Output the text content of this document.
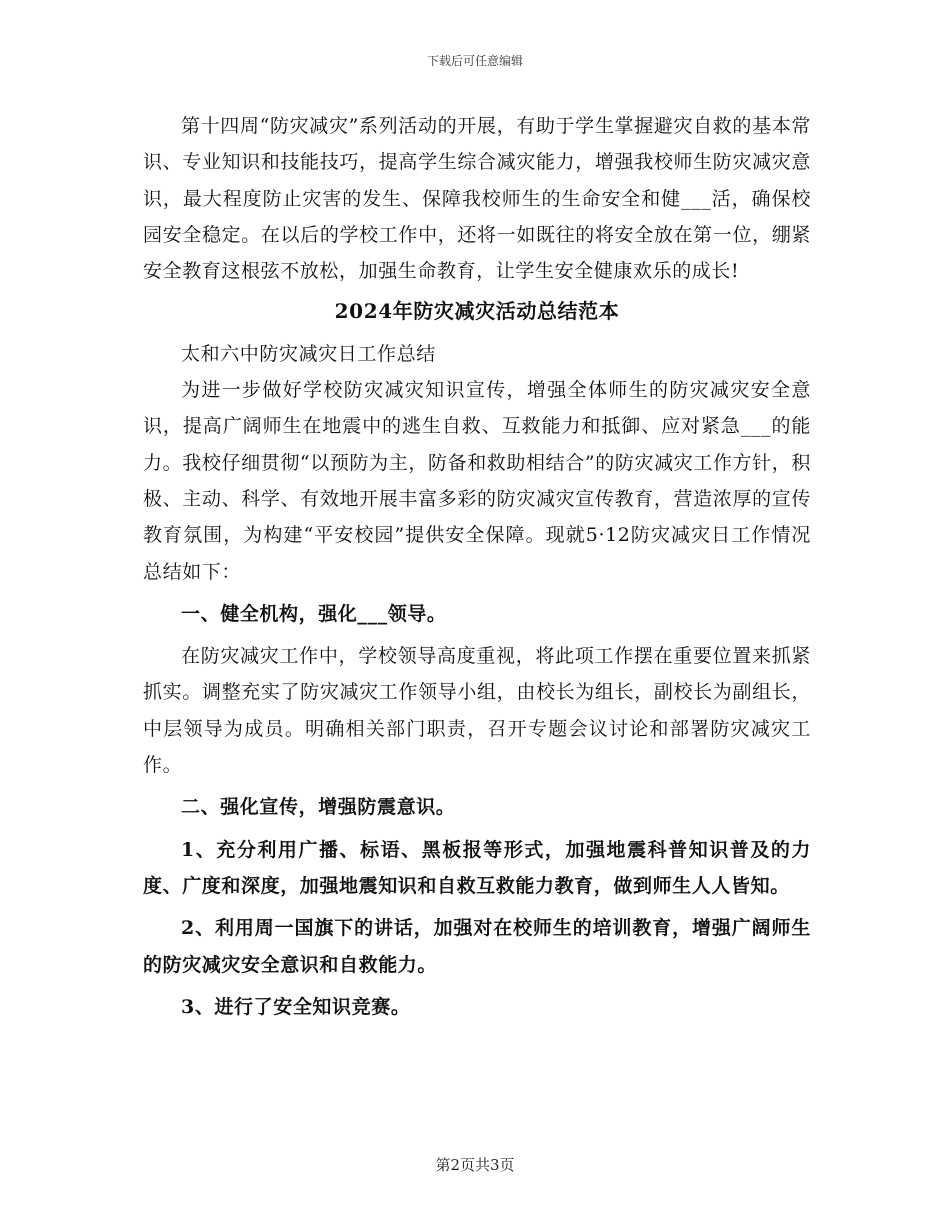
下载后可任意编辑

第十四周“防灾减灾”系列活动的开展，有助于学生掌握避灾自救的基本常识、专业知识和技能技巧，提高学生综合减灾能力，增强我校师生防灾减灾意识，最大程度防止灾害的发生、保障我校师生的生命安全和健___活，确保校园安全稳定。在以后的学校工作中，还将一如既往的将安全放在第一位，绷紧安全教育这根弦不放松，加强生命教育，让学生安全健康欢乐的成长!

2024年防灾减灾活动总结范本

太和六中防灾减灾日工作总结

为进一步做好学校防灾减灾知识宣传，增强全体师生的防灾减灾安全意识，提高广阔师生在地震中的逃生自救、互救能力和抵御、应对紧急___的能力。我校仔细贯彻“以预防为主，防备和救助相结合”的防灾减灾工作方针，积极、主动、科学、有效地开展丰富多彩的防灾减灾宣传教育，营造浓厚的宣传教育氛围，为构建“平安校园”提供安全保障。现就5·12防灾减灾日工作情况总结如下：

一、健全机构，强化___领导。

在防灾减灾工作中，学校领导高度重视，将此项工作摆在重要位置来抓紧抓实。调整充实了防灾减灾工作领导小组，由校长为组长，副校长为副组长，中层领导为成员。明确相关部门职责，召开专题会议讨论和部署防灾减灾工作。

二、强化宣传，增强防震意识。

1、充分利用广播、标语、黑板报等形式，加强地震科普知识普及的力度、广度和深度，加强地震知识和自救互救能力教育，做到师生人人皆知。

2、利用周一国旗下的讲话，加强对在校师生的培训教育，增强广阔师生的防灾减灾安全意识和自救能力。

3、进行了安全知识竞赛。

第2页共3页
